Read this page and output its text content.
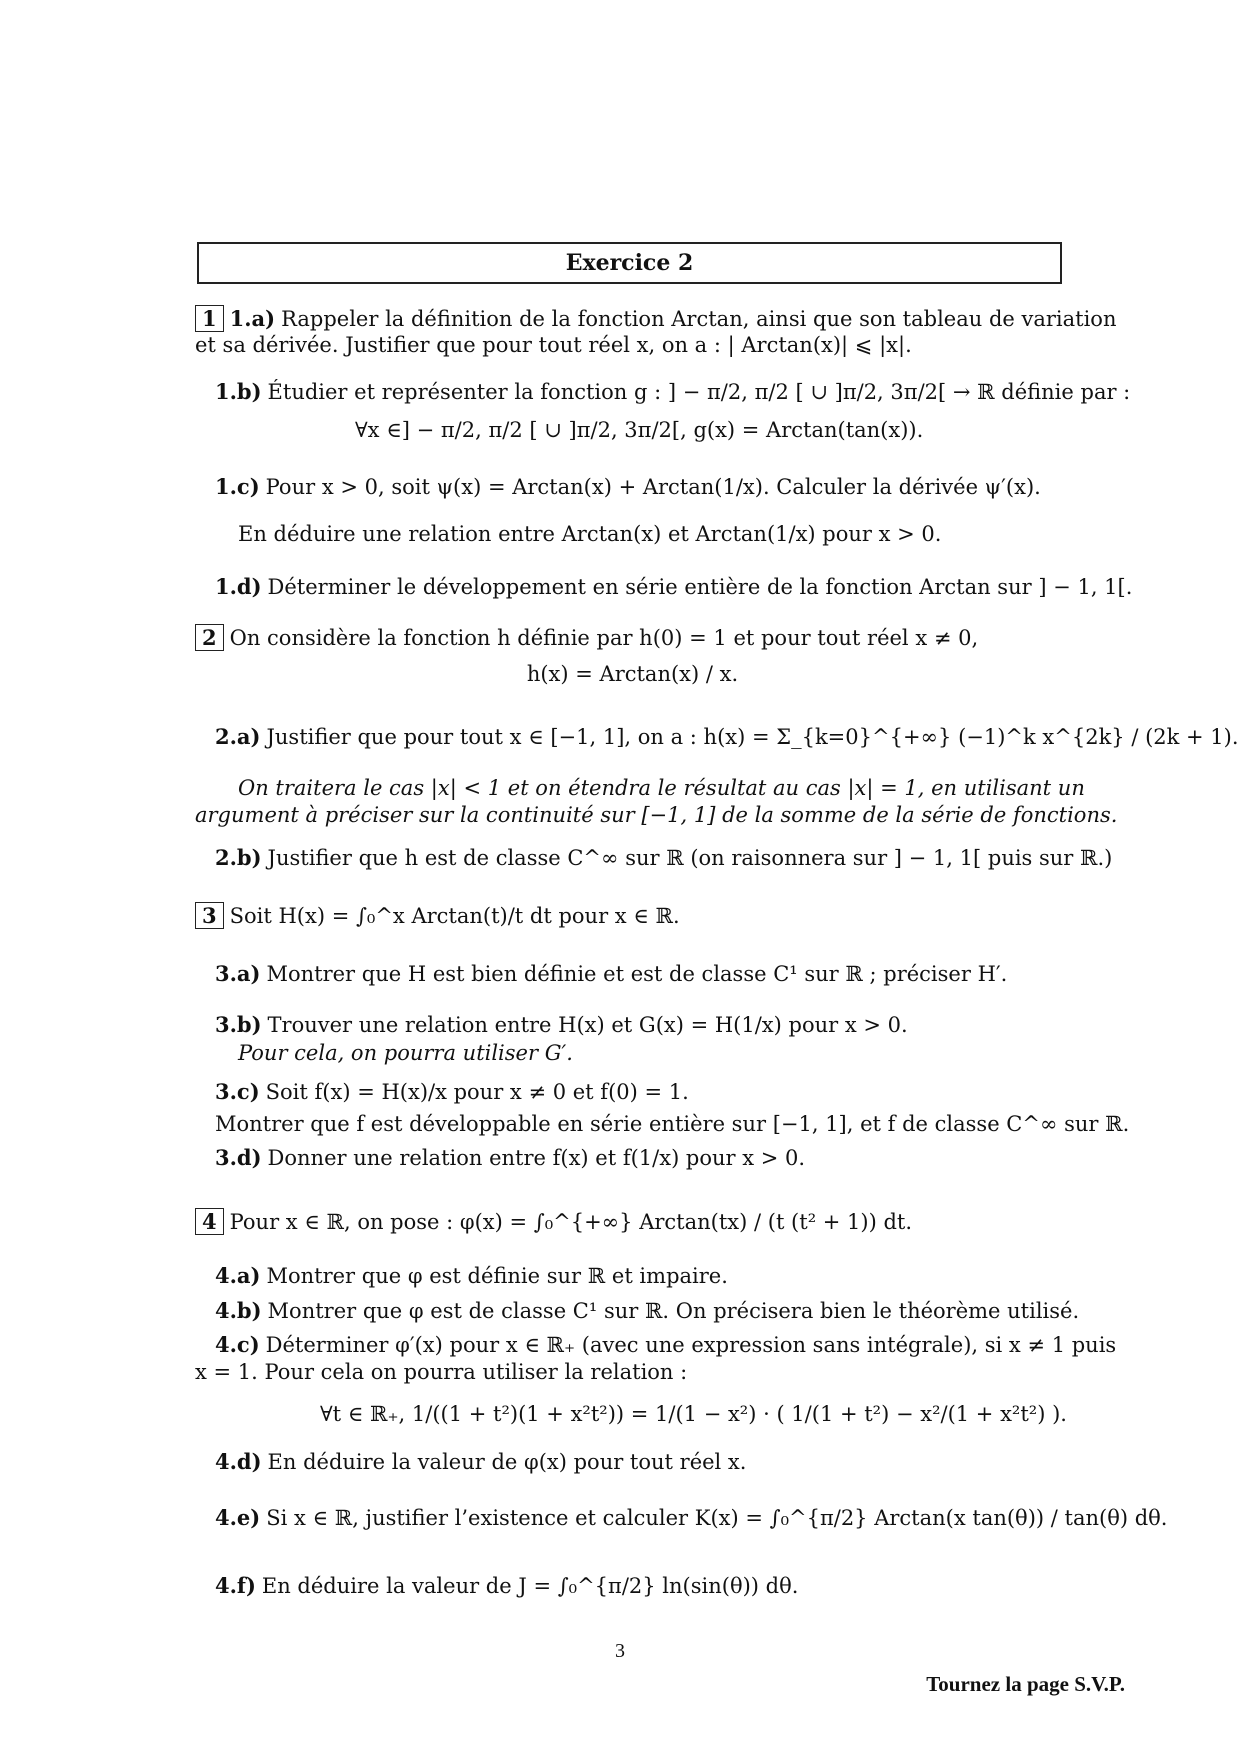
Exercice 2
1 1.a) Rappeler la définition de la fonction Arctan, ainsi que son tableau de variation
et sa dérivée. Justifier que pour tout réel x, on a : | Arctan(x)| ⩽ |x|.
1.b) Étudier et représenter la fonction g : ] − π/2, π/2 [ ∪ ]π/2, 3π/2[ → ℝ définie par :
∀x ∈] − π/2, π/2 [ ∪ ]π/2, 3π/2[, g(x) = Arctan(tan(x)).
1.c) Pour x > 0, soit ψ(x) = Arctan(x) + Arctan(1/x). Calculer la dérivée ψ′(x).
En déduire une relation entre Arctan(x) et Arctan(1/x) pour x > 0.
1.d) Déterminer le développement en série entière de la fonction Arctan sur ] − 1, 1[.
2 On considère la fonction h définie par h(0) = 1 et pour tout réel x ≠ 0,
h(x) = Arctan(x) / x.
2.a) Justifier que pour tout x ∈ [−1, 1], on a : h(x) = Σ_{k=0}^{+∞} (−1)^k x^{2k} / (2k + 1).
On traitera le cas |x| < 1 et on étendra le résultat au cas |x| = 1, en utilisant un
argument à préciser sur la continuité sur [−1, 1] de la somme de la série de fonctions.
2.b) Justifier que h est de classe C^∞ sur ℝ (on raisonnera sur ] − 1, 1[ puis sur ℝ.)
3 Soit H(x) = ∫₀^x Arctan(t)/t dt pour x ∈ ℝ.
3.a) Montrer que H est bien définie et est de classe C¹ sur ℝ ; préciser H′.
3.b) Trouver une relation entre H(x) et G(x) = H(1/x) pour x > 0.
Pour cela, on pourra utiliser G′.
3.c) Soit f(x) = H(x)/x pour x ≠ 0 et f(0) = 1.
Montrer que f est développable en série entière sur [−1, 1], et f de classe C^∞ sur ℝ.
3.d) Donner une relation entre f(x) et f(1/x) pour x > 0.
4 Pour x ∈ ℝ, on pose : φ(x) = ∫₀^{+∞} Arctan(tx) / (t (t² + 1)) dt.
4.a) Montrer que φ est définie sur ℝ et impaire.
4.b) Montrer que φ est de classe C¹ sur ℝ. On précisera bien le théorème utilisé.
4.c) Déterminer φ′(x) pour x ∈ ℝ₊ (avec une expression sans intégrale), si x ≠ 1 puis
x = 1. Pour cela on pourra utiliser la relation :
∀t ∈ ℝ₊, 1/((1 + t²)(1 + x²t²)) = 1/(1 − x²) · ( 1/(1 + t²) − x²/(1 + x²t²) ).
4.d) En déduire la valeur de φ(x) pour tout réel x.
4.e) Si x ∈ ℝ, justifier l’existence et calculer K(x) = ∫₀^{π/2} Arctan(x tan(θ)) / tan(θ) dθ.
4.f) En déduire la valeur de J = ∫₀^{π/2} ln(sin(θ)) dθ.
3
Tournez la page S.V.P.
